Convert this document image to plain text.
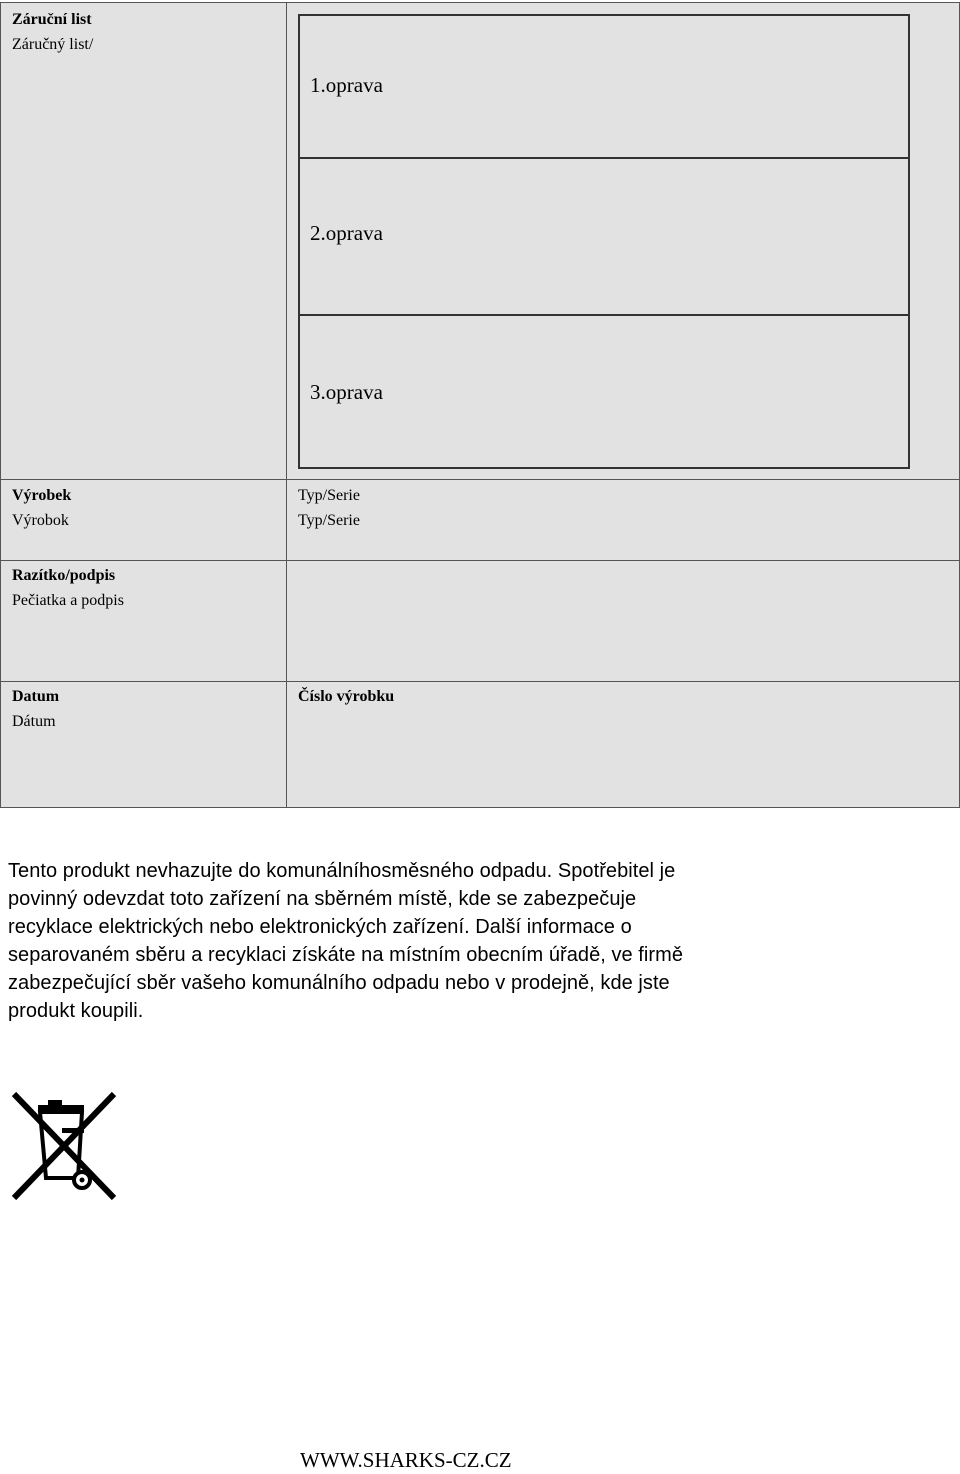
Záruční list
Záručný list/
1.oprava
2.oprava
3.oprava
Výrobek
Výrobok
Typ/Serie
Typ/Serie
Razítko/podpis
Pečiatka a podpis
Datum
Dátum
Číslo výrobku
Tento produkt nevhazujte do komunálníhosměsného odpadu. Spotřebitel je
povinný odevzdat toto zařízení na sběrném místě, kde se zabezpečuje
recyklace elektrických nebo elektronických zařízení. Další informace o
separovaném sběru a recyklaci získáte na místním obecním úřadě, ve firmě
zabezpečující sběr vašeho komunálního odpadu nebo v prodejně, kde jste
produkt koupili.
WWW.SHARKS-CZ.CZ
